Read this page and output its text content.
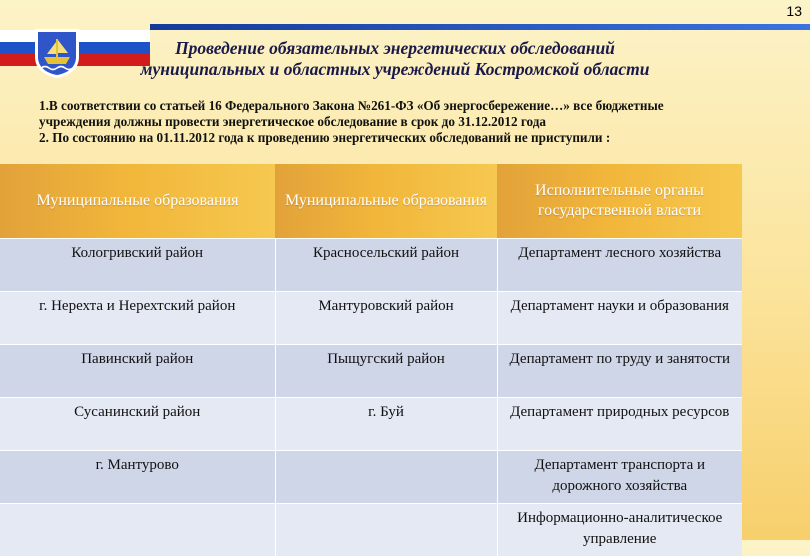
13
Проведение обязательных энергетических обследований
муниципальных и областных учреждений Костромской области

1.В соответствии со статьей 16 Федерального Закона №261-ФЗ «Об энергосбережение…» все бюджетные

учреждения должны провести энергетическое обследование в срок до 31.12.2012 года

2. По состоянию на 01.11.2012 года к проведению энергетических обследований не приступили :

Муниципальные образования	Муниципальные образования	Исполнительные органы государственной власти
Кологривский район	Красносельский район	Департамент лесного хозяйства
г. Нерехта и Нерехтский район	Мантуровский район	Департамент науки и образования
Павинский район	Пыщугский район	Департамент по труду и занятости
Сусанинский район	г. Буй	Департамент природных ресурсов
г. Мантурово		Департамент транспорта и дорожного хозяйства
		Информационно-аналитическое управление
